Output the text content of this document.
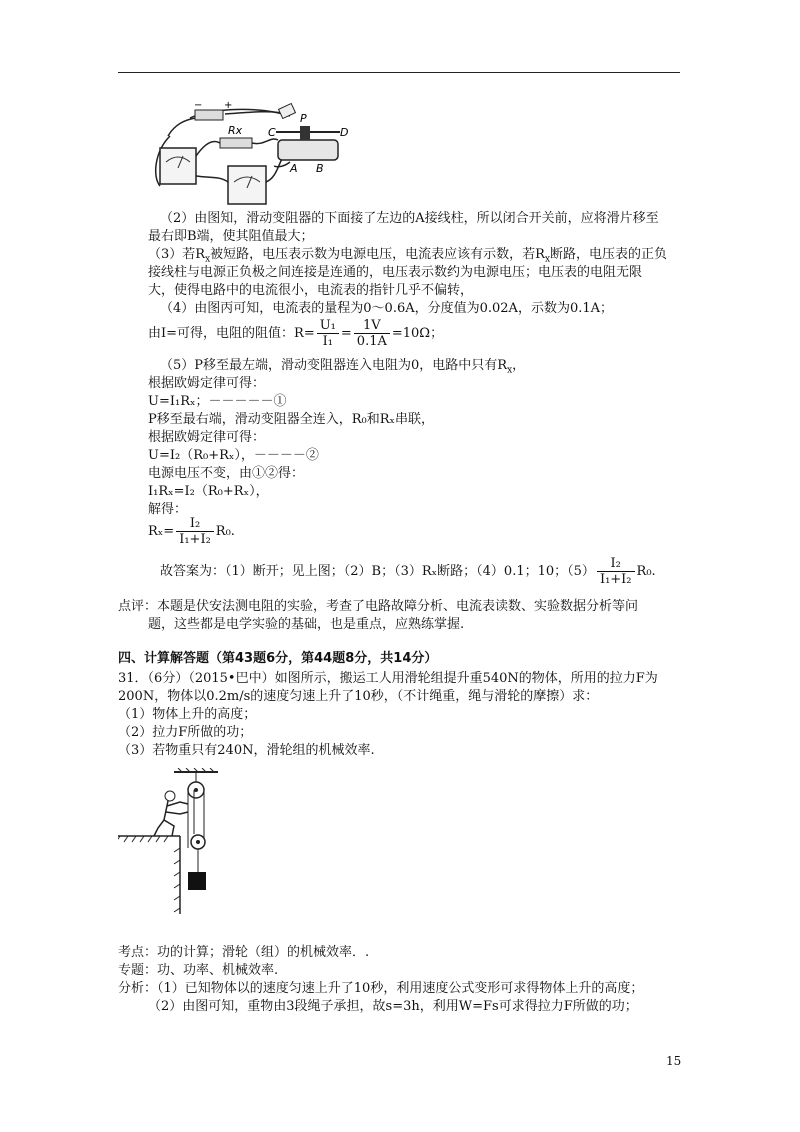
− +
Rx
P
C	D
A B
（2）由图知，滑动变阻器的下面接了左边的A接线柱，所以闭合开关前，应将滑片移至
最右即B端，使其阻值最大；
（3）若$R_x$被短路，电压表示数为电源电压，电流表应该有示数，若$R_x$断路，电压表的正负
接线柱与电源正负极之间连接是连通的，电压表示数约为电源电压；电压表的电阻无限
大，使得电路中的电流很小，电流表的指针几乎不偏转，
（4）由图丙可知，电流表的量程为0～0.6A，分度值为0.02A，示数为0.1A；
由I=可得，电阻的阻值：$R= \frac{\text{U₁}}{\text{I₁}} = \frac{1V}{0.1A} =10\Omega$；
（5）P移至最左端，滑动变阻器连入电阻为0，电路中只有$R_x$，
根据欧姆定律可得：
U=I₁Rₓ；－－－－－①
P移至最右端，滑动变阻器全连入，R₀和Rₓ串联，
根据欧姆定律可得：
U=I₂（R₀+Rₓ），－－－－②
电源电压不变，由①②得：
I₁Rₓ=I₂（R₀+Rₓ），
解得：
$R_x= \frac{\text{I₂}}{\text{I₁+I₂}} R_0$.
故答案为：（1）断开；见上图；（2）B；（3）Rₓ断路；（4）0.1；10；$(5) \frac{\text{I₂}}{\text{I₁+I₂}} R_0$.
点评：本题是伏安法测电阻的实验，考查了电路故障分析、电流表读数、实验数据分析等问
题，这些都是电学实验的基础，也是重点，应熟练掌握.
四、计算解答题（第43题6分，第44题8分，共14分）
31．（6分）（2015•巴中）如图所示，搬运工人用滑轮组提升重540N的物体，所用的拉力F为
200N，物体以0.2m/s的速度匀速上升了10秒，（不计绳重，绳与滑轮的摩擦）求：
（1）物体上升的高度；
（2）拉力F所做的功；
（3）若物重只有240N，滑轮组的机械效率.
考点：功的计算；滑轮（组）的机械效率．.
专题：功、功率、机械效率.
分析：（1）已知物体以的速度匀速上升了10秒，利用速度公式变形可求得物体上升的高度；
（2）由图可知，重物由3段绳子承担，故s=3h，利用W=Fs可求得拉力F所做的功；
15
